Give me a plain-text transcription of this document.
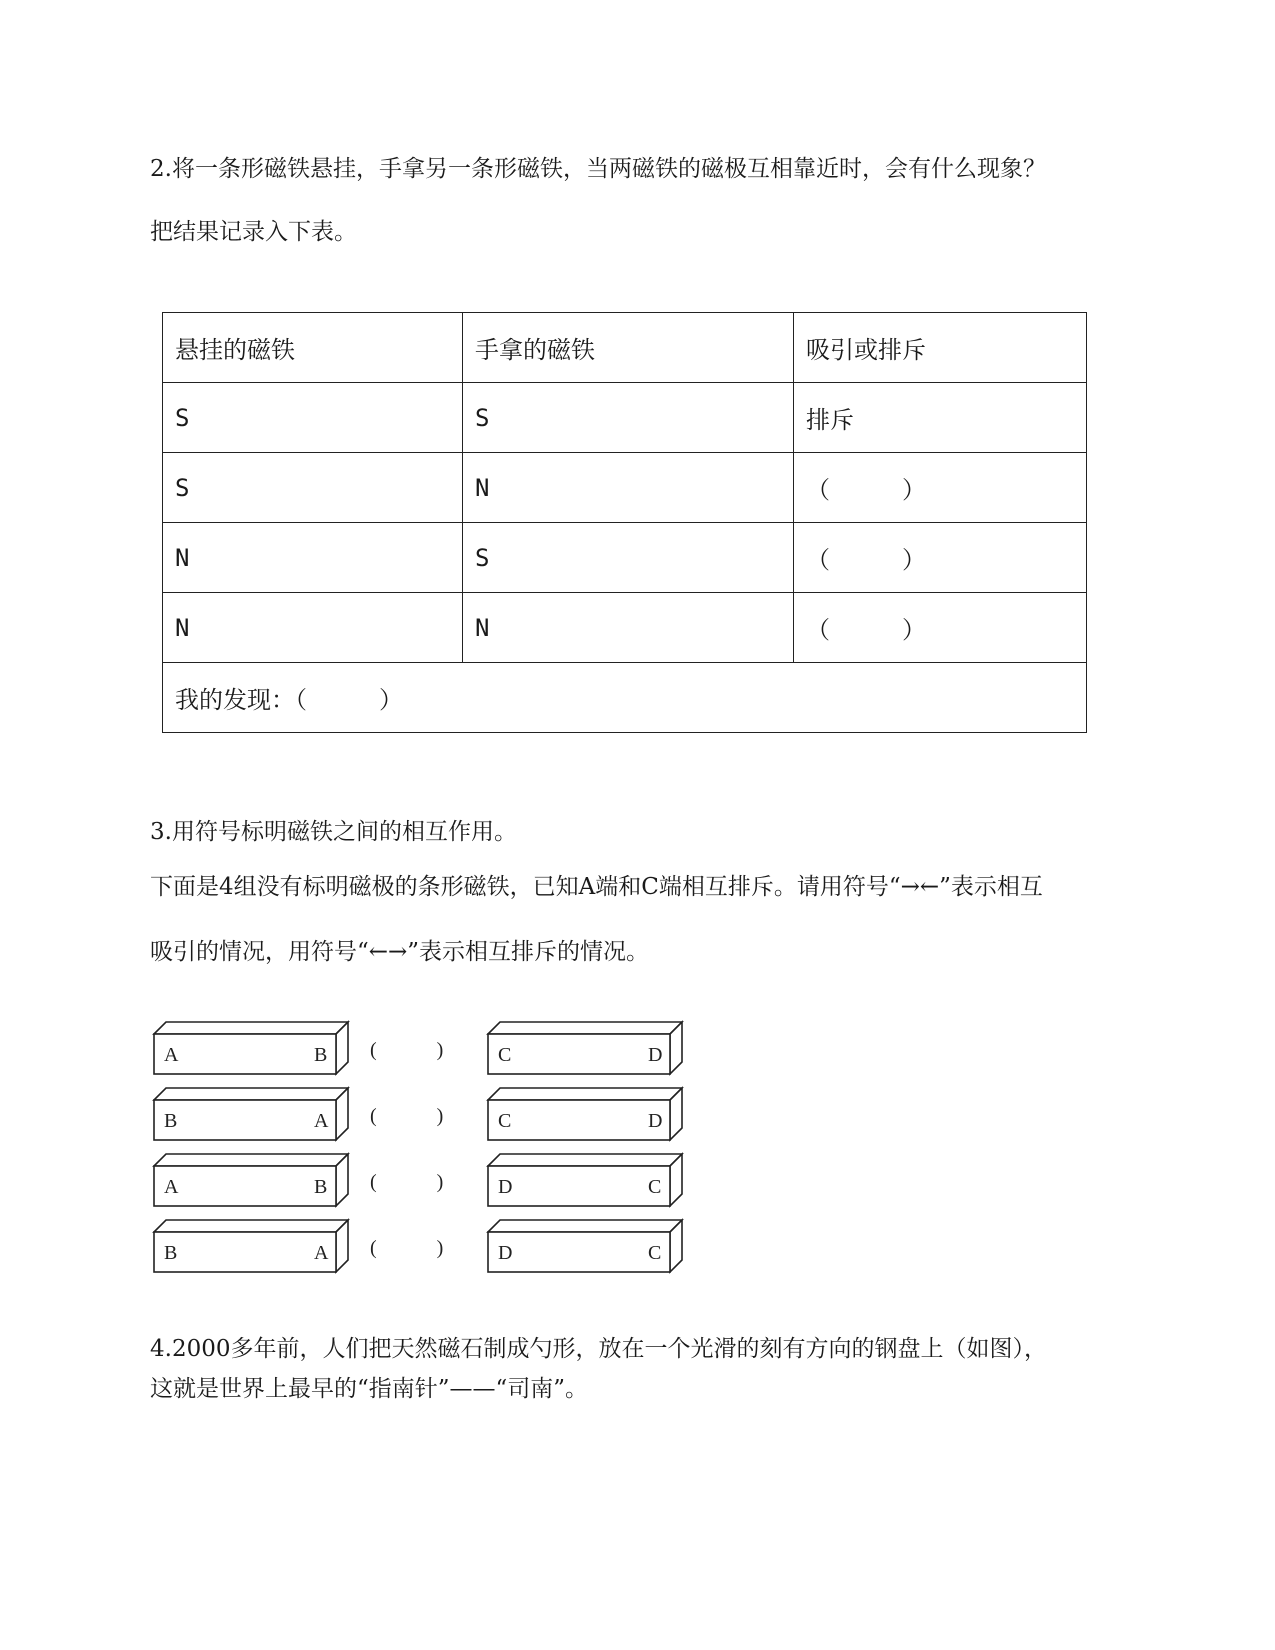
2.将一条形磁铁悬挂，手拿另一条形磁铁，当两磁铁的磁极互相靠近时，会有什么现象？
把结果记录入下表。
悬挂的磁铁	手拿的磁铁	吸引或排斥
S	S	排斥
S	N	（　　　）
N	S	（　　　）
N	N	（　　　）
我的发现：（　　　）		
3.用符号标明磁铁之间的相互作用。
下面是4组没有标明磁极的条形磁铁，已知A端和C端相互排斥。请用符号“→←”表示相互
吸引的情况，用符号“←→”表示相互排斥的情况。
A	B (　　　)	C	D
B	A (　　　)	C	D
A	B (　　　)	D	C
B	A (　　　)	D	C
4.2000多年前，人们把天然磁石制成勺形，放在一个光滑的刻有方向的钢盘上（如图），
这就是世界上最早的“指南针”——“司南”。
